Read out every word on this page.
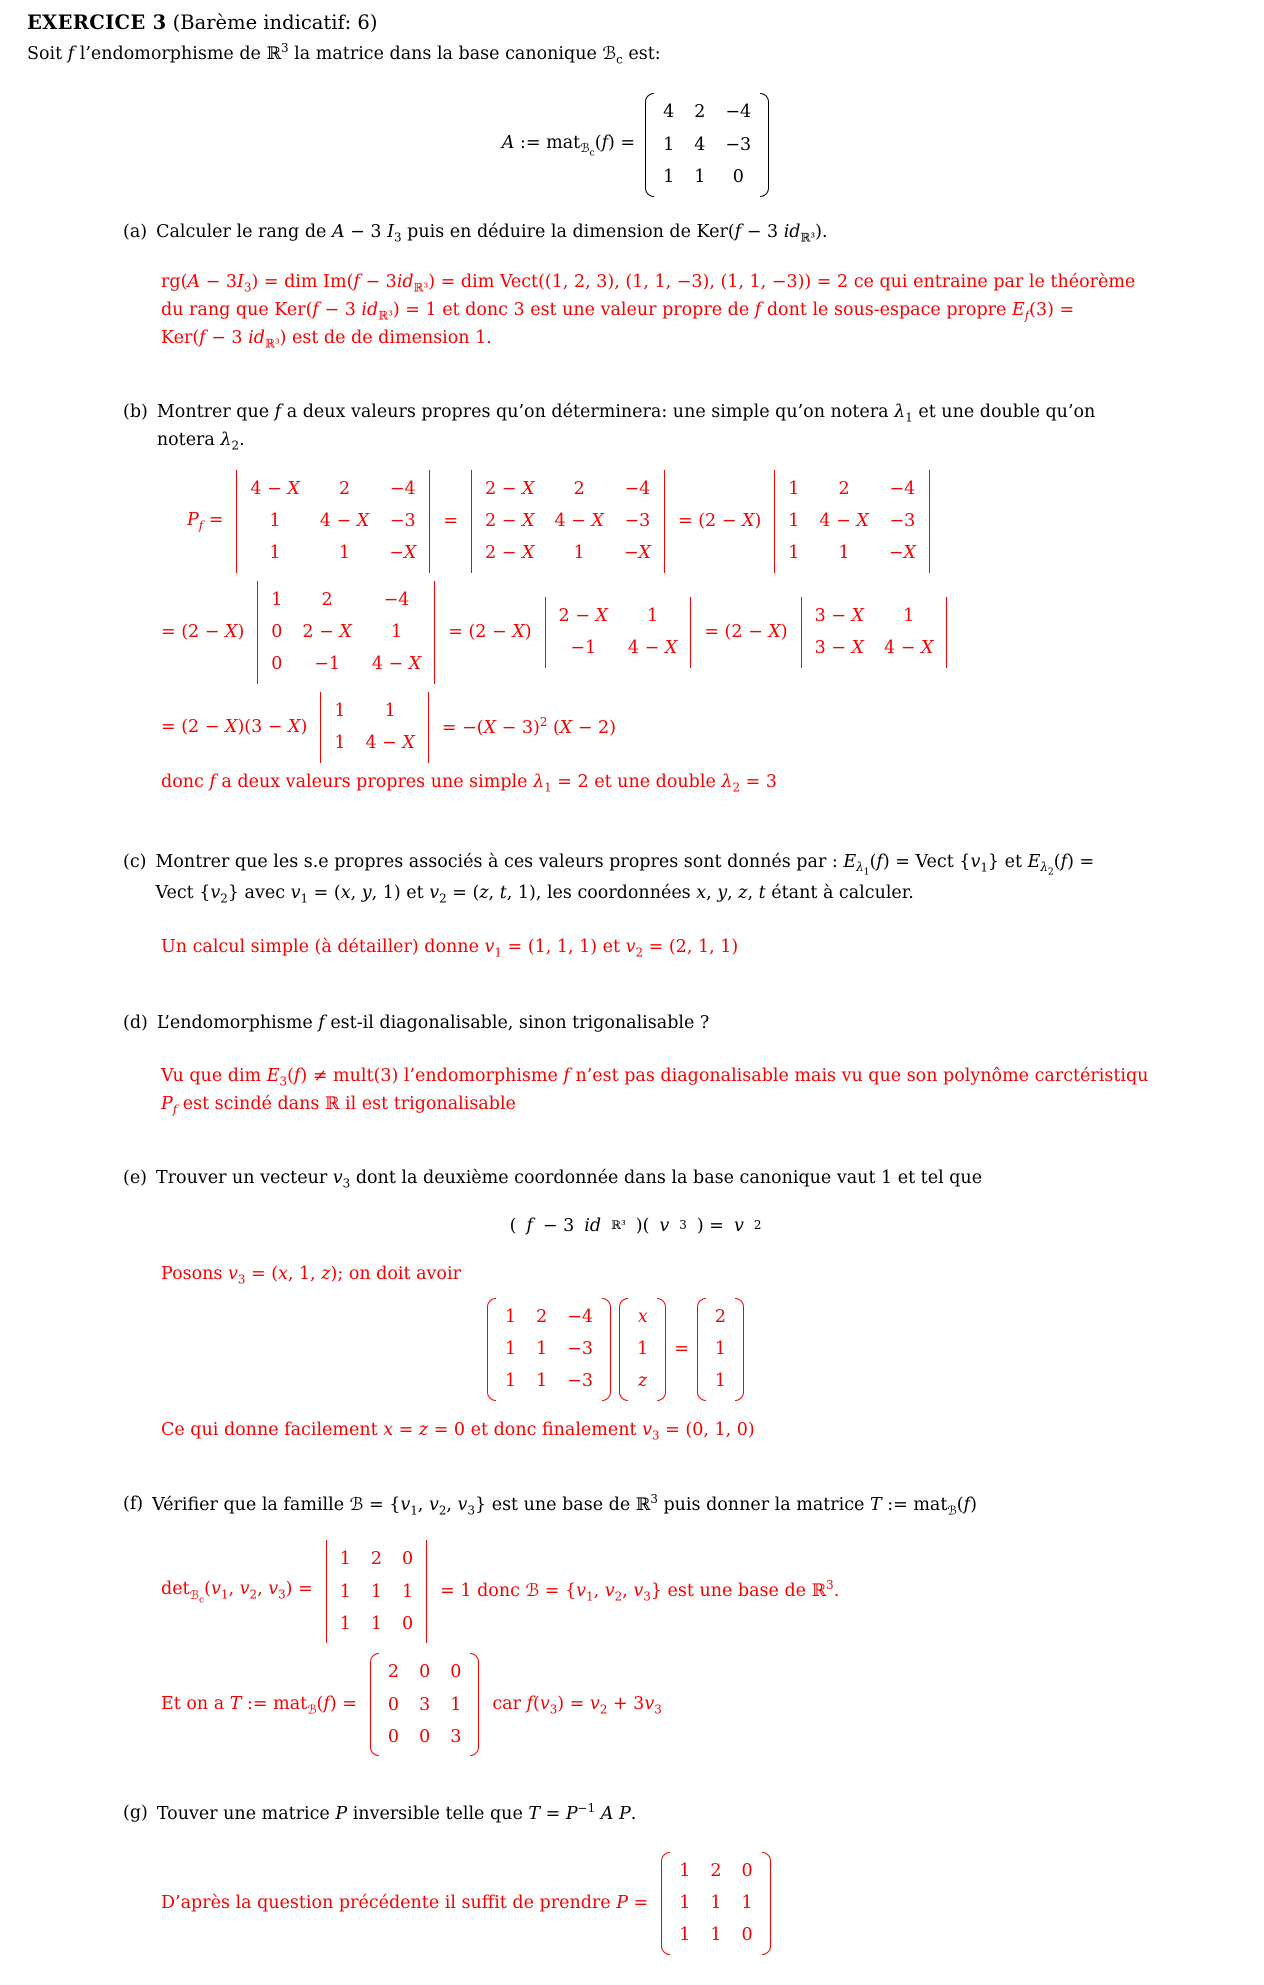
EXERCICE 3 (Barème indicatif: 6)
Soit f l’endomorphisme de ℝ$^3$ la matrice dans la base canonique ℬ$_c$ est:
A := mat$_{ℬ_c}$(f) =
4 2 −4
1 4 −3
1 1 0
(a) Calculer le rang de A − 3 $I_3$ puis en déduire la dimension de Ker(f − 3 $id_{ℝ^3}$).
$rg(A - 3I_3)$ = dim $Im(f - 3id_{ℝ^3})$ = dim Vect((1, 2, 3), (1, 1, −3), (1, 1, −3)) = 2 ce qui entraine par le théorème
du rang que Ker(f − 3 $id_{ℝ^3}) = 1$ et donc 3 est une valeur propre de f dont le sous-espace propre $E_f(3)$ =
Ker(f − 3 $id_{ℝ^3}$) est de de dimension 1.
(b) Montrer que f a deux valeurs propres qu’on déterminera: une simple qu’on notera $\lambda_1$ et une double qu’on
notera $\lambda_2$.
$P_f$ =
4 − X 2 −4
1 4 − X −3
1	1 −X
=
2 − X 2 −4
2 − X 4 − X −3
2 − X 1 −X
= (2 − X)
1 2 −4
1 4 − X −3
1 1 −X
= (2 − X)
1 2	−4
0 2 − X 1
0 −1 4 − X
= (2 − X)
2 − X 1
−1 4 − X
= (2 − X)
3 − X 1
3 − X 4 − X
= (2 − X)(3 − X)
1 1
1 4 − X
= $-(X - 3)^2$ (X − 2)
donc f a deux valeurs propres une simple $\lambda_1 = 2$ et une double $\lambda_2 = 3$
(c) Montrer que les s.e propres associés à ces valeurs propres sont donnés par : $E_{\lambda_1}(f)$ = Vect $\{v_1\}$ et $E_{\lambda_2}(f)$ =
Vect $\{v_2\}$ avec $v_1 = (x$, y, 1) et $v_2 = (z$, t, 1), les coordonnées x, y, z, t étant à calculer.
Un calcul simple (à détailler) donne $v_1 = (1$, 1, 1) et $v_2 = (2$, 1, 1)
(d) L’endomorphisme f est-il diagonalisable, sinon trigonalisable ?
Vu que dim $E_3(f)$ ≠ mult(3) l’endomorphisme f n’est pas diagonalisable mais vu que son polynôme carctéristiqu
$P_f$ est scindé dans ℝ il est trigonalisable
(e) Trouver un vecteur $v_3$ dont la deuxième coordonnée dans la base canonique vaut 1 et tel que
( f − 3 id ℝ³ )( v 3 ) = v 2
Posons $v_3 = (x$, 1, z); on doit avoir
1 2 −4
1 1 −3
1 1 −3
x
1
z
=
2
1
1
Ce qui donne facilement x = z = 0 et donc finalement $v_3 = (0$, 1, 0)
(f) Vérifier que la famille ℬ = {$v_1$, $v_2$, $v_3$} est une base de ℝ$^3$ puis donner la matrice T := mat$_ℬ$(f)
$\det_{ℬ_c}(v_1$, $v_2$, $v_3$) =
1 2 0
1 1 1
1 1 0
= 1 donc ℬ = {$v_1$, $v_2$, $v_3$} est une base de ℝ$^3$.
Et on a T := mat$_ℬ$(f) =
2 0 0
0 3 1
0 0 3
car $f(v_3) = v_2 + 3v_3$
(g) Touver une matrice P inversible telle que $T = P^{-1}$ A P.
D’après la question précédente il suffit de prendre P =
1 2 0
1 1 1
1 1 0
